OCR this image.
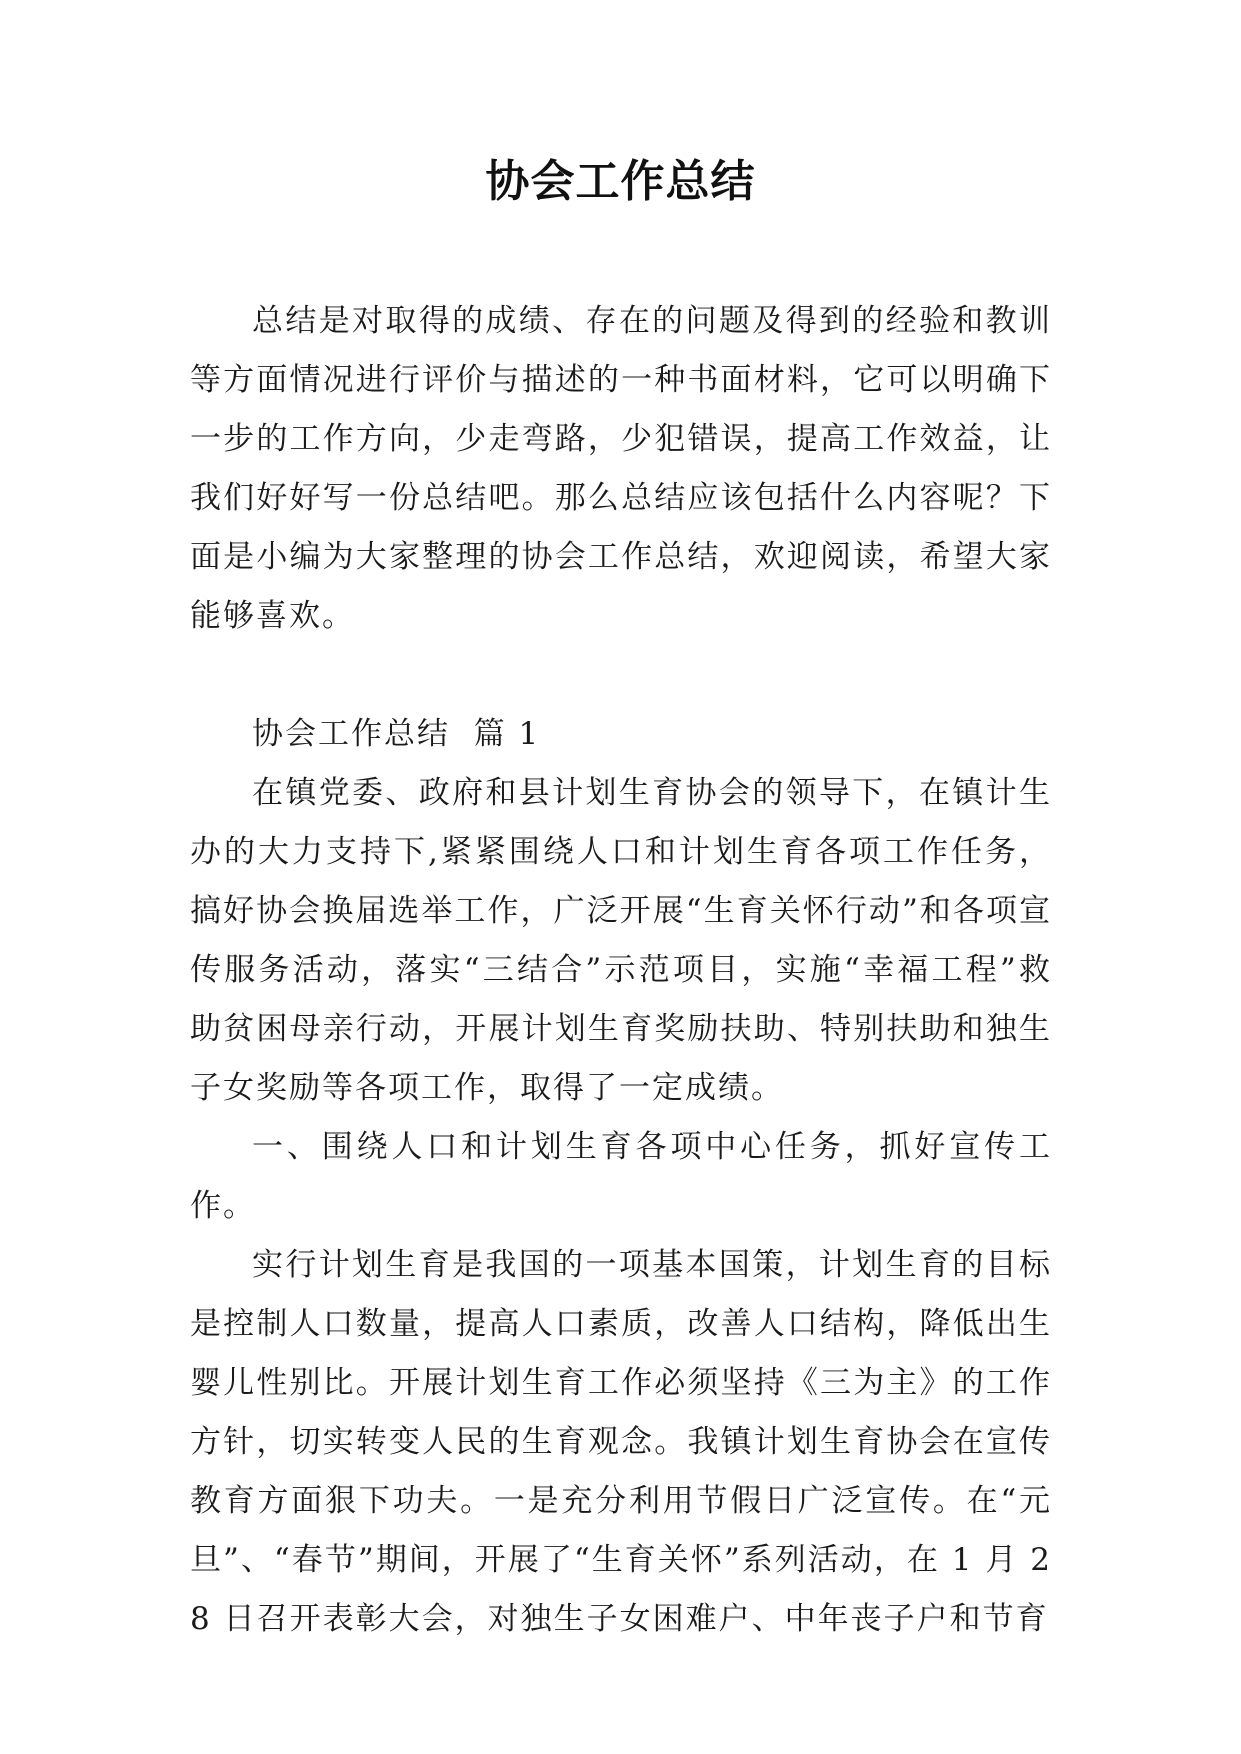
协会工作总结

总结是对取得的成绩、存在的问题及得到的经验和教训等方面情况进行评价与描述的一种书面材料，它可以明确下一步的工作方向，少走弯路，少犯错误，提高工作效益，让我们好好写一份总结吧。那么总结应该包括什么内容呢？下面是小编为大家整理的协会工作总结，欢迎阅读，希望大家能够喜欢。

协会工作总结  篇 1

在镇党委、政府和县计划生育协会的领导下，在镇计生办的大力支持下,紧紧围绕人口和计划生育各项工作任务，搞好协会换届选举工作，广泛开展“生育关怀行动”和各项宣传服务活动，落实“三结合”示范项目，实施“幸福工程”救助贫困母亲行动，开展计划生育奖励扶助、特别扶助和独生子女奖励等各项工作，取得了一定成绩。

一、围绕人口和计划生育各项中心任务，抓好宣传工作。

实行计划生育是我国的一项基本国策，计划生育的目标是控制人口数量，提高人口素质，改善人口结构，降低出生婴儿性别比。开展计划生育工作必须坚持《三为主》的工作方针，切实转变人民的生育观念。我镇计划生育协会在宣传教育方面狠下功夫。一是充分利用节假日广泛宣传。在“元旦”、“春节”期间，开展了“生育关怀”系列活动，在 1 月 28 日召开表彰大会，对独生子女困难户、中年丧子户和节育
